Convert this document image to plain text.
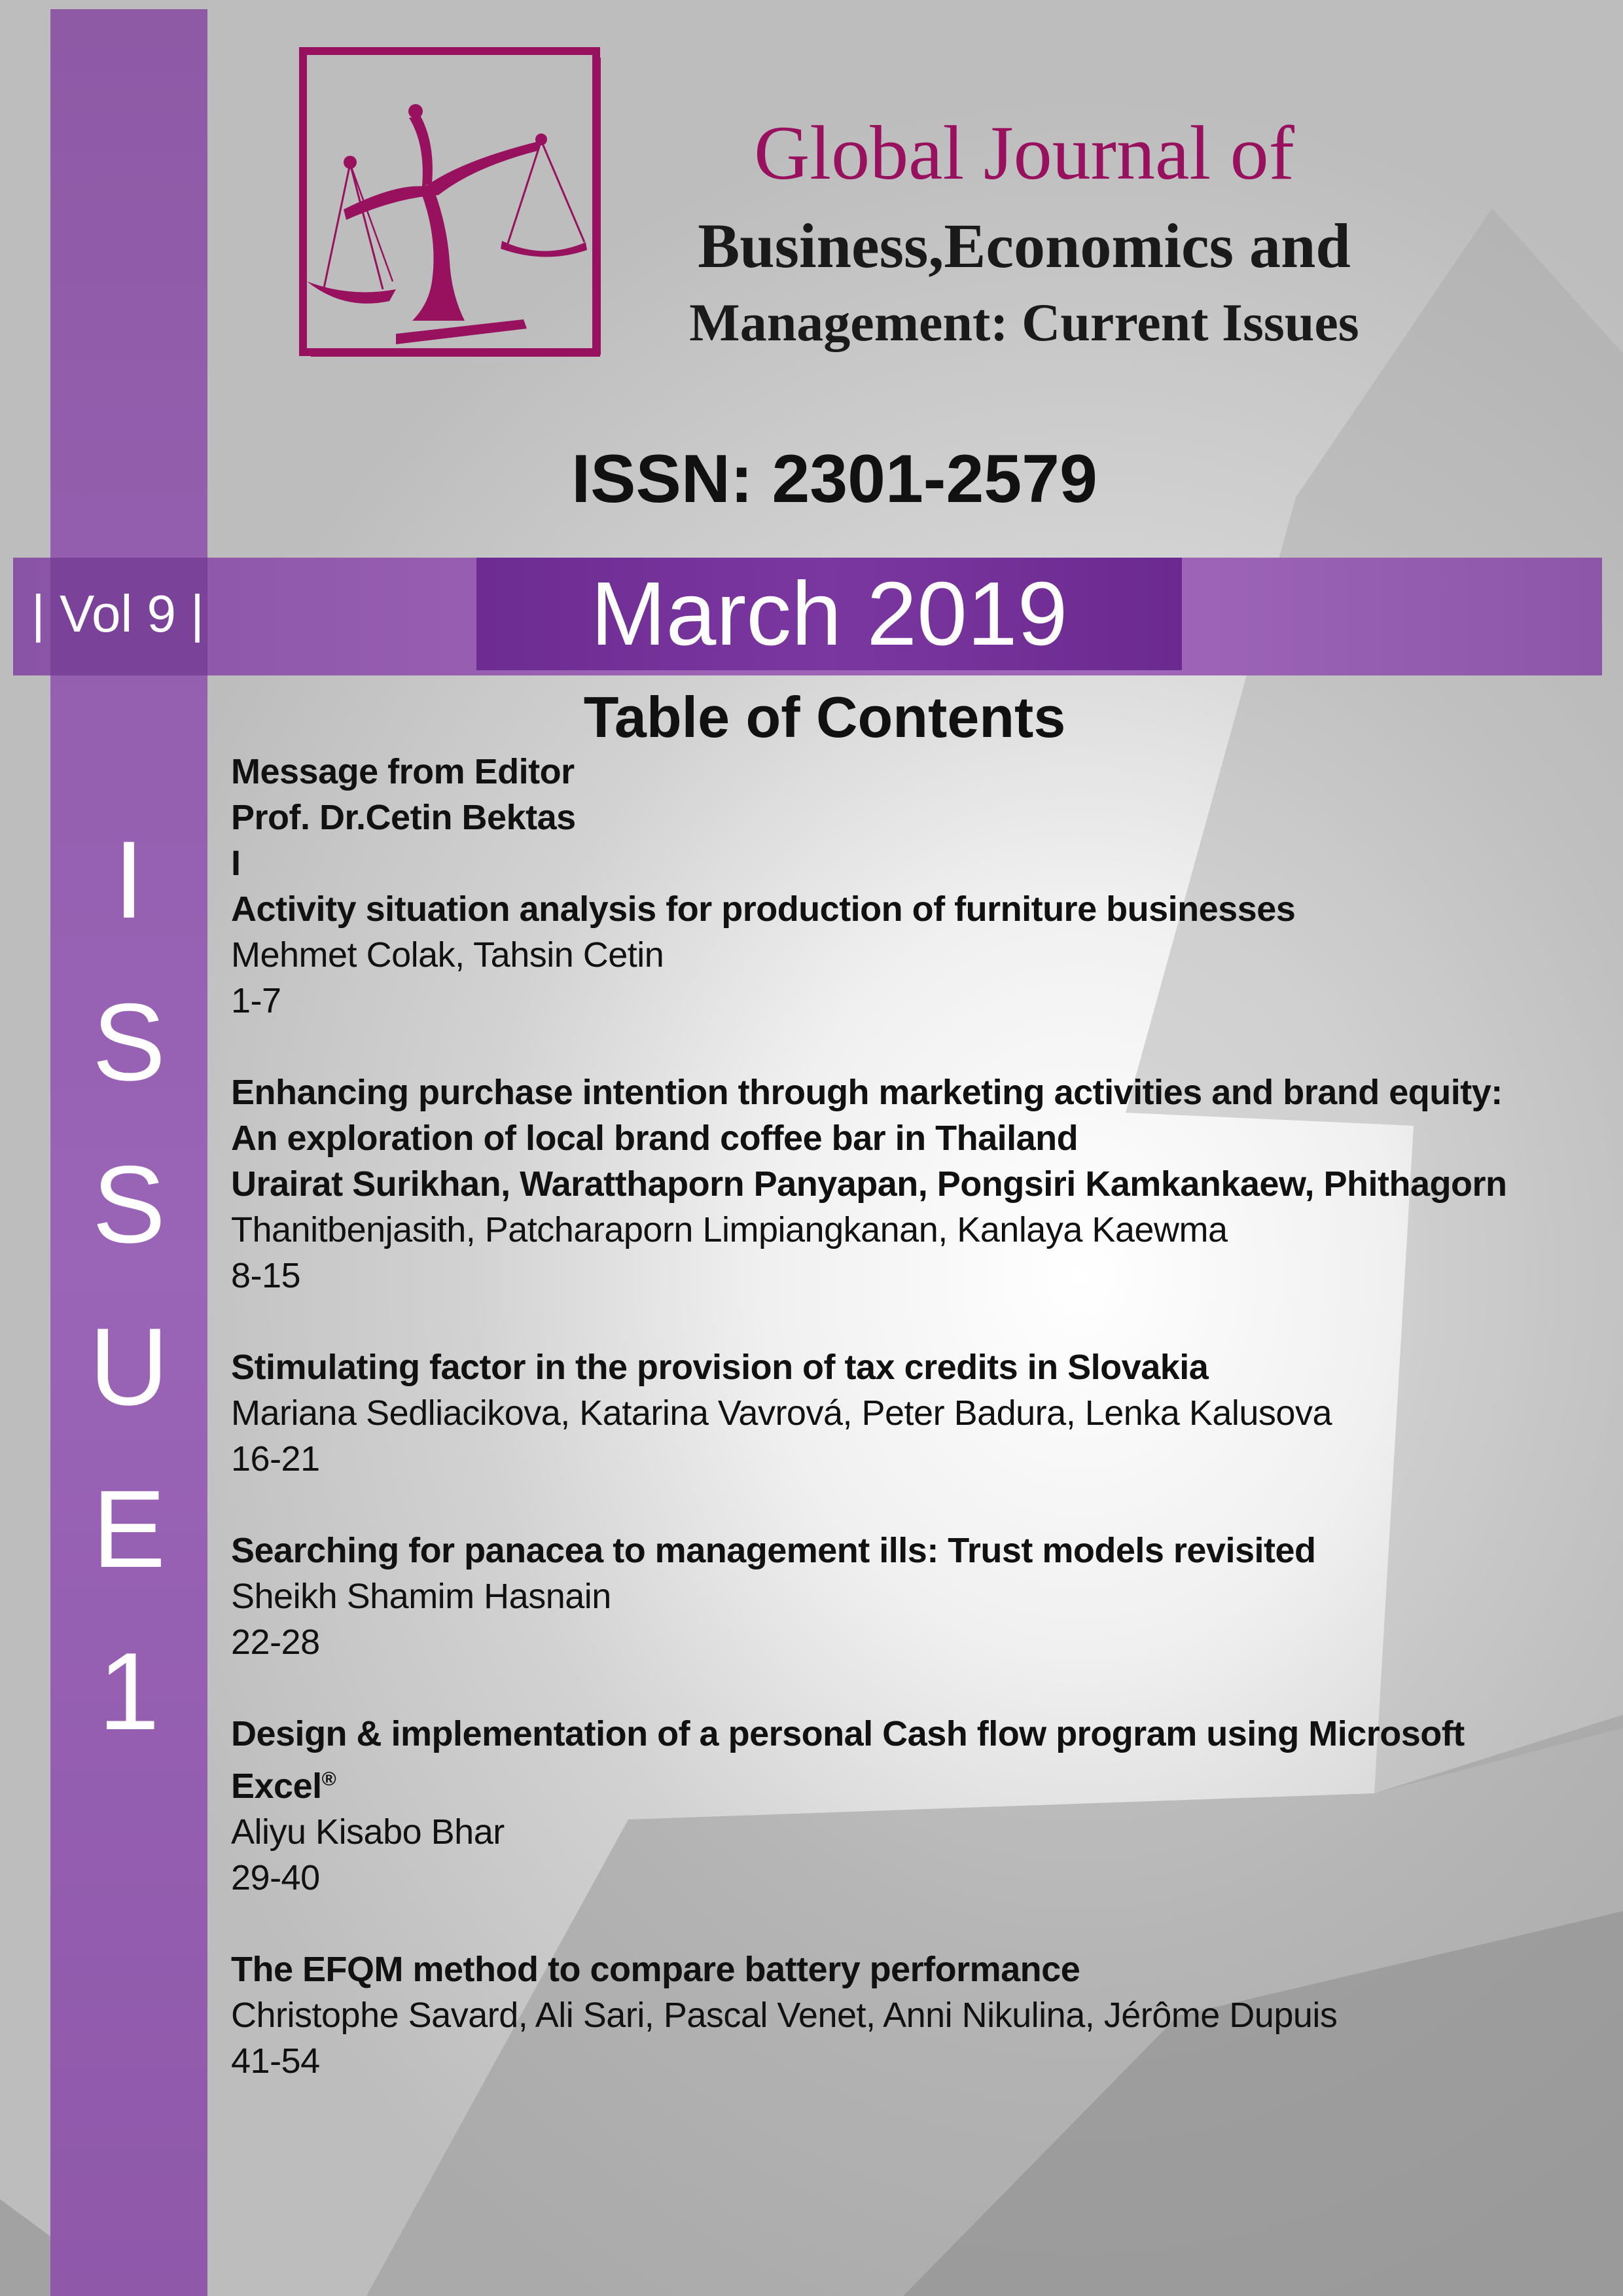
| Vol 9 |	March 2019
Global Journal of
Business,Economics and
Management: Current Issues
ISSN: 2301-2579
I
S
S
U
E
1
Table of Contents
Message from Editor
Prof. Dr.Cetin Bektas
I
Activity situation analysis for production of furniture businesses
Mehmet Colak, Tahsin Cetin
1-7
Enhancing purchase intention through marketing activities and brand equity:
An exploration of local brand coffee bar in Thailand
Urairat Surikhan, Waratthaporn Panyapan, Pongsiri Kamkankaew, Phithagorn
Thanitbenjasith, Patcharaporn Limpiangkanan, Kanlaya Kaewma
8-15
Stimulating factor in the provision of tax credits in Slovakia
Mariana Sedliacikova, Katarina Vavrová, Peter Badura, Lenka Kalusova
16-21
Searching for panacea to management ills: Trust models revisited
Sheikh Shamim Hasnain
22-28
Design & implementation of a personal Cash flow program using Microsoft
Excel®
Aliyu Kisabo Bhar
29-40
The EFQM method to compare battery performance
Christophe Savard, Ali Sari, Pascal Venet, Anni Nikulina, Jérôme Dupuis
41-54
